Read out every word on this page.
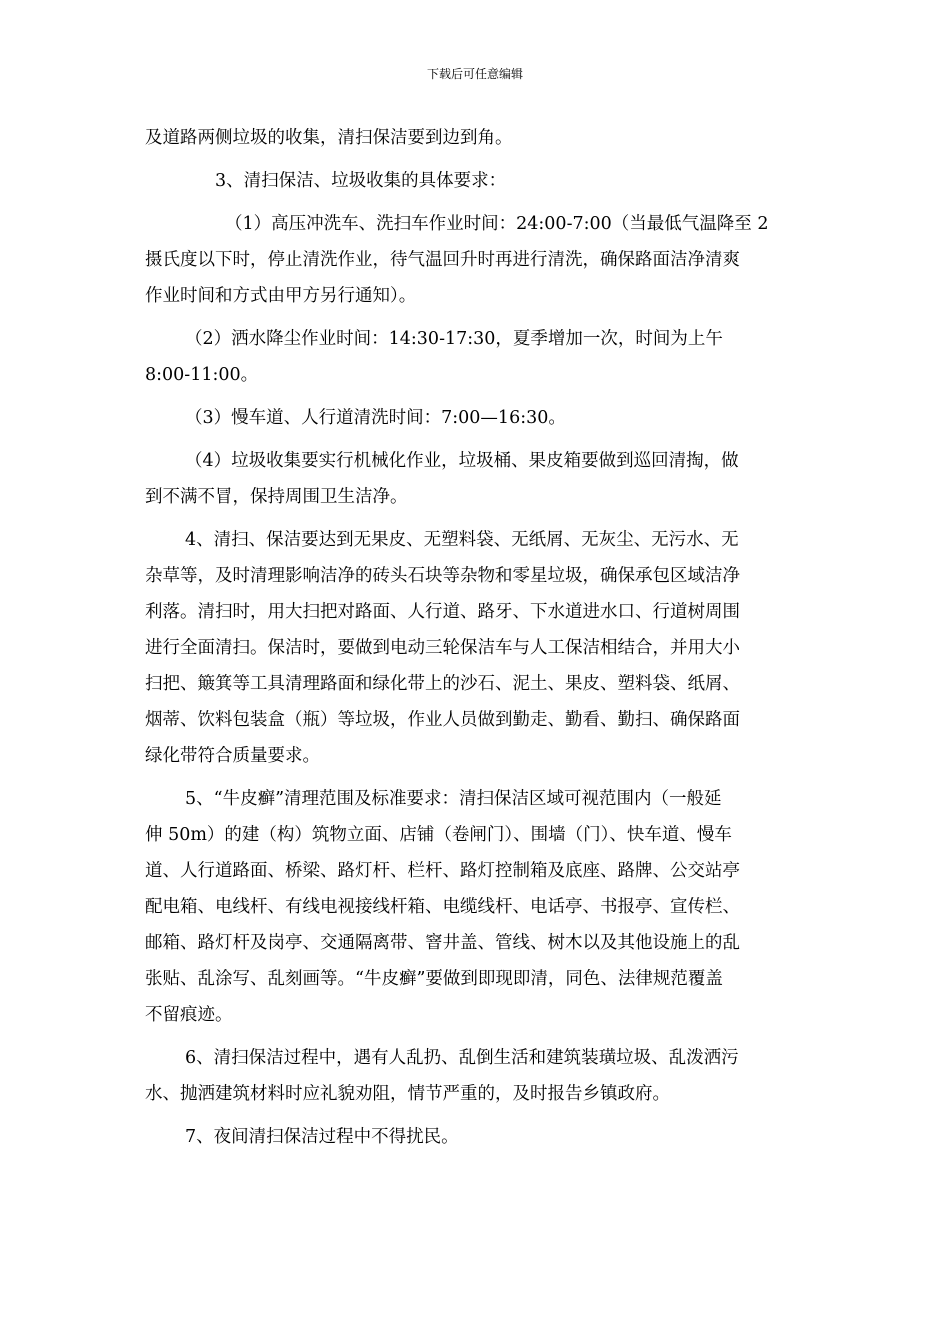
下载后可任意编辑
及道路两侧垃圾的收集，清扫保洁要到边到角。
3、清扫保洁、垃圾收集的具体要求：
（1）高压冲洗车、洗扫车作业时间：24:00-7:00（当最低气温降至 2
摄氏度以下时，停止清洗作业，待气温回升时再进行清洗，确保路面洁净清爽
作业时间和方式由甲方另行通知）。
（2）洒水降尘作业时间：14:30-17:30，夏季增加一次，时间为上午
8:00-11:00。
（3）慢车道、人行道清洗时间：7:00—16:30。
（4）垃圾收集要实行机械化作业，垃圾桶、果皮箱要做到巡回清掏，做
到不满不冒，保持周围卫生洁净。
4、清扫、保洁要达到无果皮、无塑料袋、无纸屑、无灰尘、无污水、无
杂草等，及时清理影响洁净的砖头石块等杂物和零星垃圾，确保承包区域洁净
利落。清扫时，用大扫把对路面、人行道、路牙、下水道进水口、行道树周围
进行全面清扫。保洁时，要做到电动三轮保洁车与人工保洁相结合，并用大小
扫把、簸箕等工具清理路面和绿化带上的沙石、泥土、果皮、塑料袋、纸屑、
烟蒂、饮料包装盒（瓶）等垃圾，作业人员做到勤走、勤看、勤扫、确保路面
绿化带符合质量要求。
5、“牛皮癣”清理范围及标准要求：清扫保洁区域可视范围内（一般延
伸 50m）的建（构）筑物立面、店铺（卷闸门）、围墙（门）、快车道、慢车
道、人行道路面、桥梁、路灯杆、栏杆、路灯控制箱及底座、路牌、公交站亭
配电箱、电线杆、有线电视接线杆箱、电缆线杆、电话亭、书报亭、宣传栏、
邮箱、路灯杆及岗亭、交通隔离带、窨井盖、管线、树木以及其他设施上的乱
张贴、乱涂写、乱刻画等。“牛皮癣”要做到即现即清，同色、法律规范覆盖
不留痕迹。
6、清扫保洁过程中，遇有人乱扔、乱倒生活和建筑装璜垃圾、乱泼洒污
水、抛洒建筑材料时应礼貌劝阻，情节严重的，及时报告乡镇政府。
7、夜间清扫保洁过程中不得扰民。
